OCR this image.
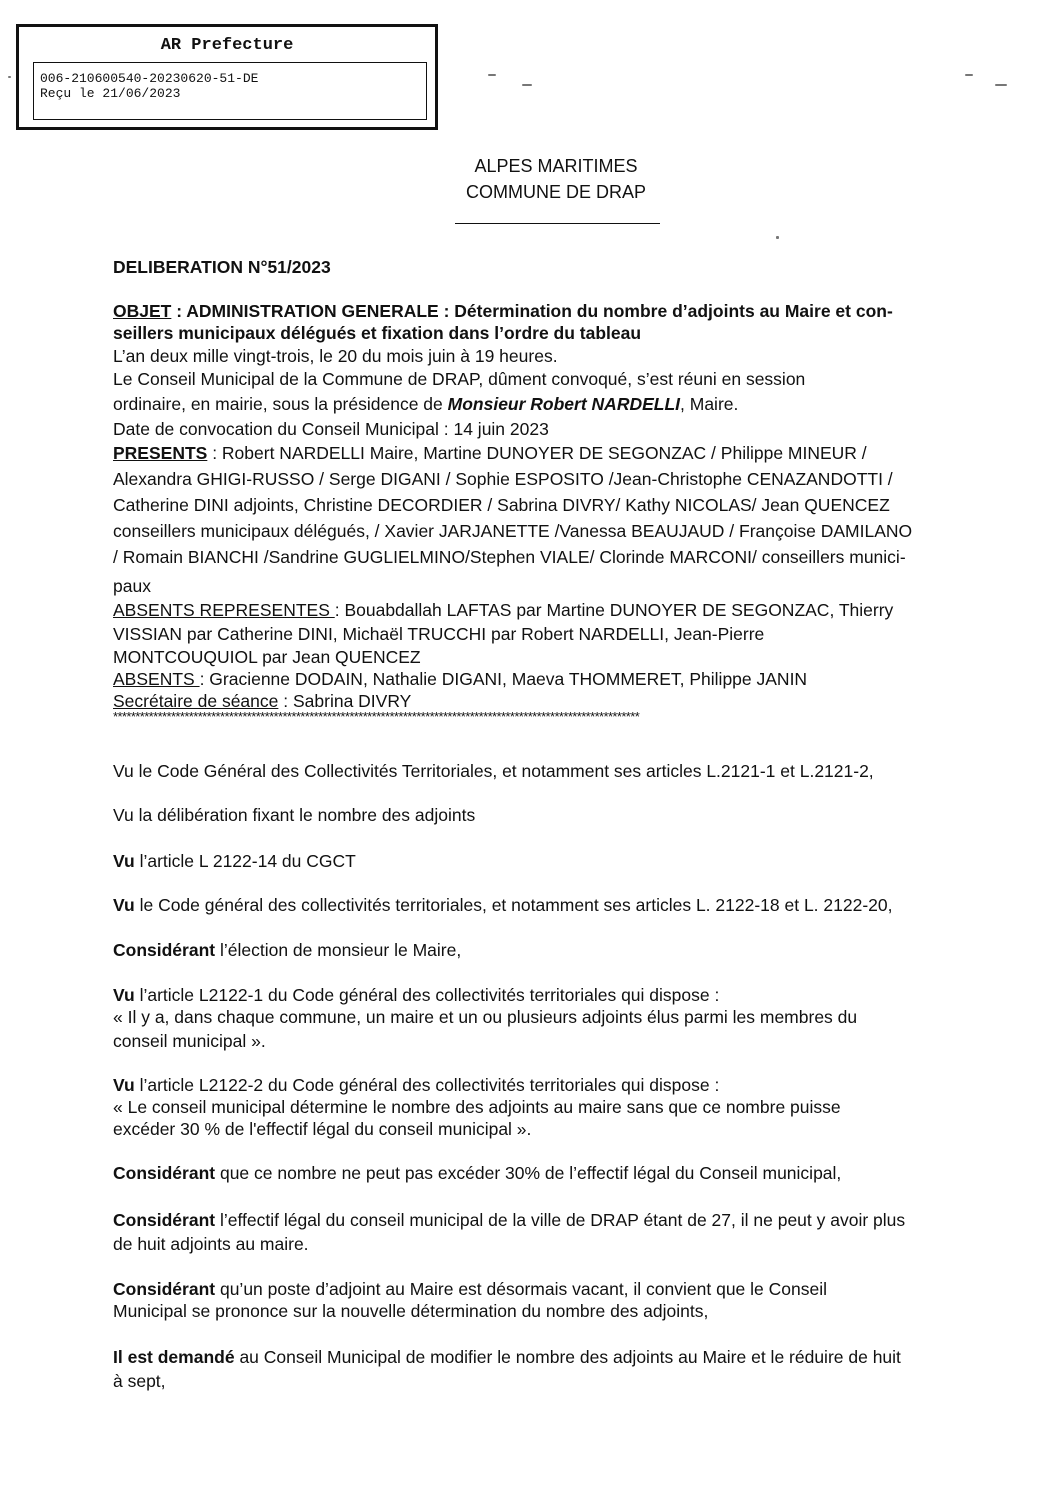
AR Prefecture
006-210600540-20230620-51-DE
Reçu le 21/06/2023
ALPES MARITIMES
COMMUNE DE DRAP
DELIBERATION N°51/2023
OBJET : ADMINISTRATION GENERALE : Détermination du nombre d’adjoints au Maire et con-
seillers municipaux délégués et fixation dans l’ordre du tableau
L’an deux mille vingt-trois, le 20 du mois juin à 19 heures.
Le Conseil Municipal de la Commune de DRAP, dûment convoqué, s’est réuni en session
ordinaire, en mairie, sous la présidence de Monsieur Robert NARDELLI, Maire.
Date de convocation du Conseil Municipal : 14 juin 2023
PRESENTS : Robert NARDELLI Maire, Martine DUNOYER DE SEGONZAC / Philippe MINEUR /
Alexandra GHIGI-RUSSO / Serge DIGANI / Sophie ESPOSITO /Jean-Christophe CENAZANDOTTI /
Catherine DINI adjoints, Christine DECORDIER / Sabrina DIVRY/ Kathy NICOLAS/ Jean QUENCEZ
conseillers municipaux délégués, / Xavier JARJANETTE /Vanessa BEAUJAUD / Françoise DAMILANO
/ Romain BIANCHI /Sandrine GUGLIELMINO/Stephen VIALE/ Clorinde MARCONI/ conseillers munici-
paux
ABSENTS REPRESENTES : Bouabdallah LAFTAS par Martine DUNOYER DE SEGONZAC, Thierry
VISSIAN par Catherine DINI, Michaël TRUCCHI par Robert NARDELLI, Jean-Pierre
MONTCOUQUIOL par Jean QUENCEZ
ABSENTS : Gracienne DODAIN, Nathalie DIGANI, Maeva THOMMERET, Philippe JANIN
Secrétaire de séance : Sabrina DIVRY
**********************************************************************************************************************
Vu le Code Général des Collectivités Territoriales, et notamment ses articles L.2121-1 et L.2121-2,
Vu la délibération fixant le nombre des adjoints
Vu l’article L 2122-14 du CGCT
Vu le Code général des collectivités territoriales, et notamment ses articles L. 2122-18 et L. 2122-20,
Considérant l’élection de monsieur le Maire,
Vu l’article L2122-1 du Code général des collectivités territoriales qui dispose :
« Il y a, dans chaque commune, un maire et un ou plusieurs adjoints élus parmi les membres du
conseil municipal ».
Vu l’article L2122-2 du Code général des collectivités territoriales qui dispose :
« Le conseil municipal détermine le nombre des adjoints au maire sans que ce nombre puisse
excéder 30 % de l'effectif légal du conseil municipal ».
Considérant que ce nombre ne peut pas excéder 30% de l’effectif légal du Conseil municipal,
Considérant l’effectif légal du conseil municipal de la ville de DRAP étant de 27, il ne peut y avoir plus
de huit adjoints au maire.
Considérant qu’un poste d’adjoint au Maire est désormais vacant, il convient que le Conseil
Municipal se prononce sur la nouvelle détermination du nombre des adjoints,
Il est demandé au Conseil Municipal de modifier le nombre des adjoints au Maire et le réduire de huit
à sept,
